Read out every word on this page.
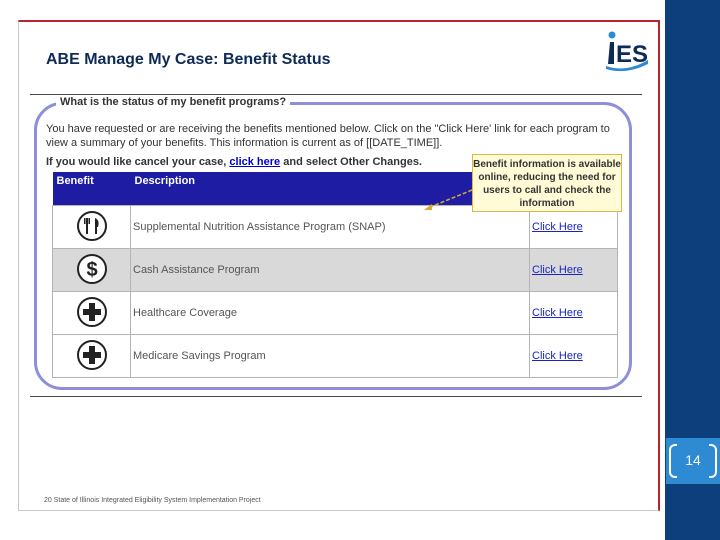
14
ABE Manage My Case: Benefit Status	ES
What is the status of my benefit programs?
You have requested or are receiving the benefits mentioned below. Click on the "Click Here' link for each program to view a summary of your benefits. This information is current as of [[DATE_TIME]].
If you would like cancel your case, click here and select Other Changes.
Benefit	Description	
	Supplemental Nutrition Assistance Program (SNAP)	Click Here

$	Cash Assistance Program	Click Here
	Healthcare Coverage	Click Here
	Medicare Savings Program	Click Here
Benefit information is available online, reducing the need for users to call and check the information
20 State of Illinois Integrated Eligibility System Implementation Project
